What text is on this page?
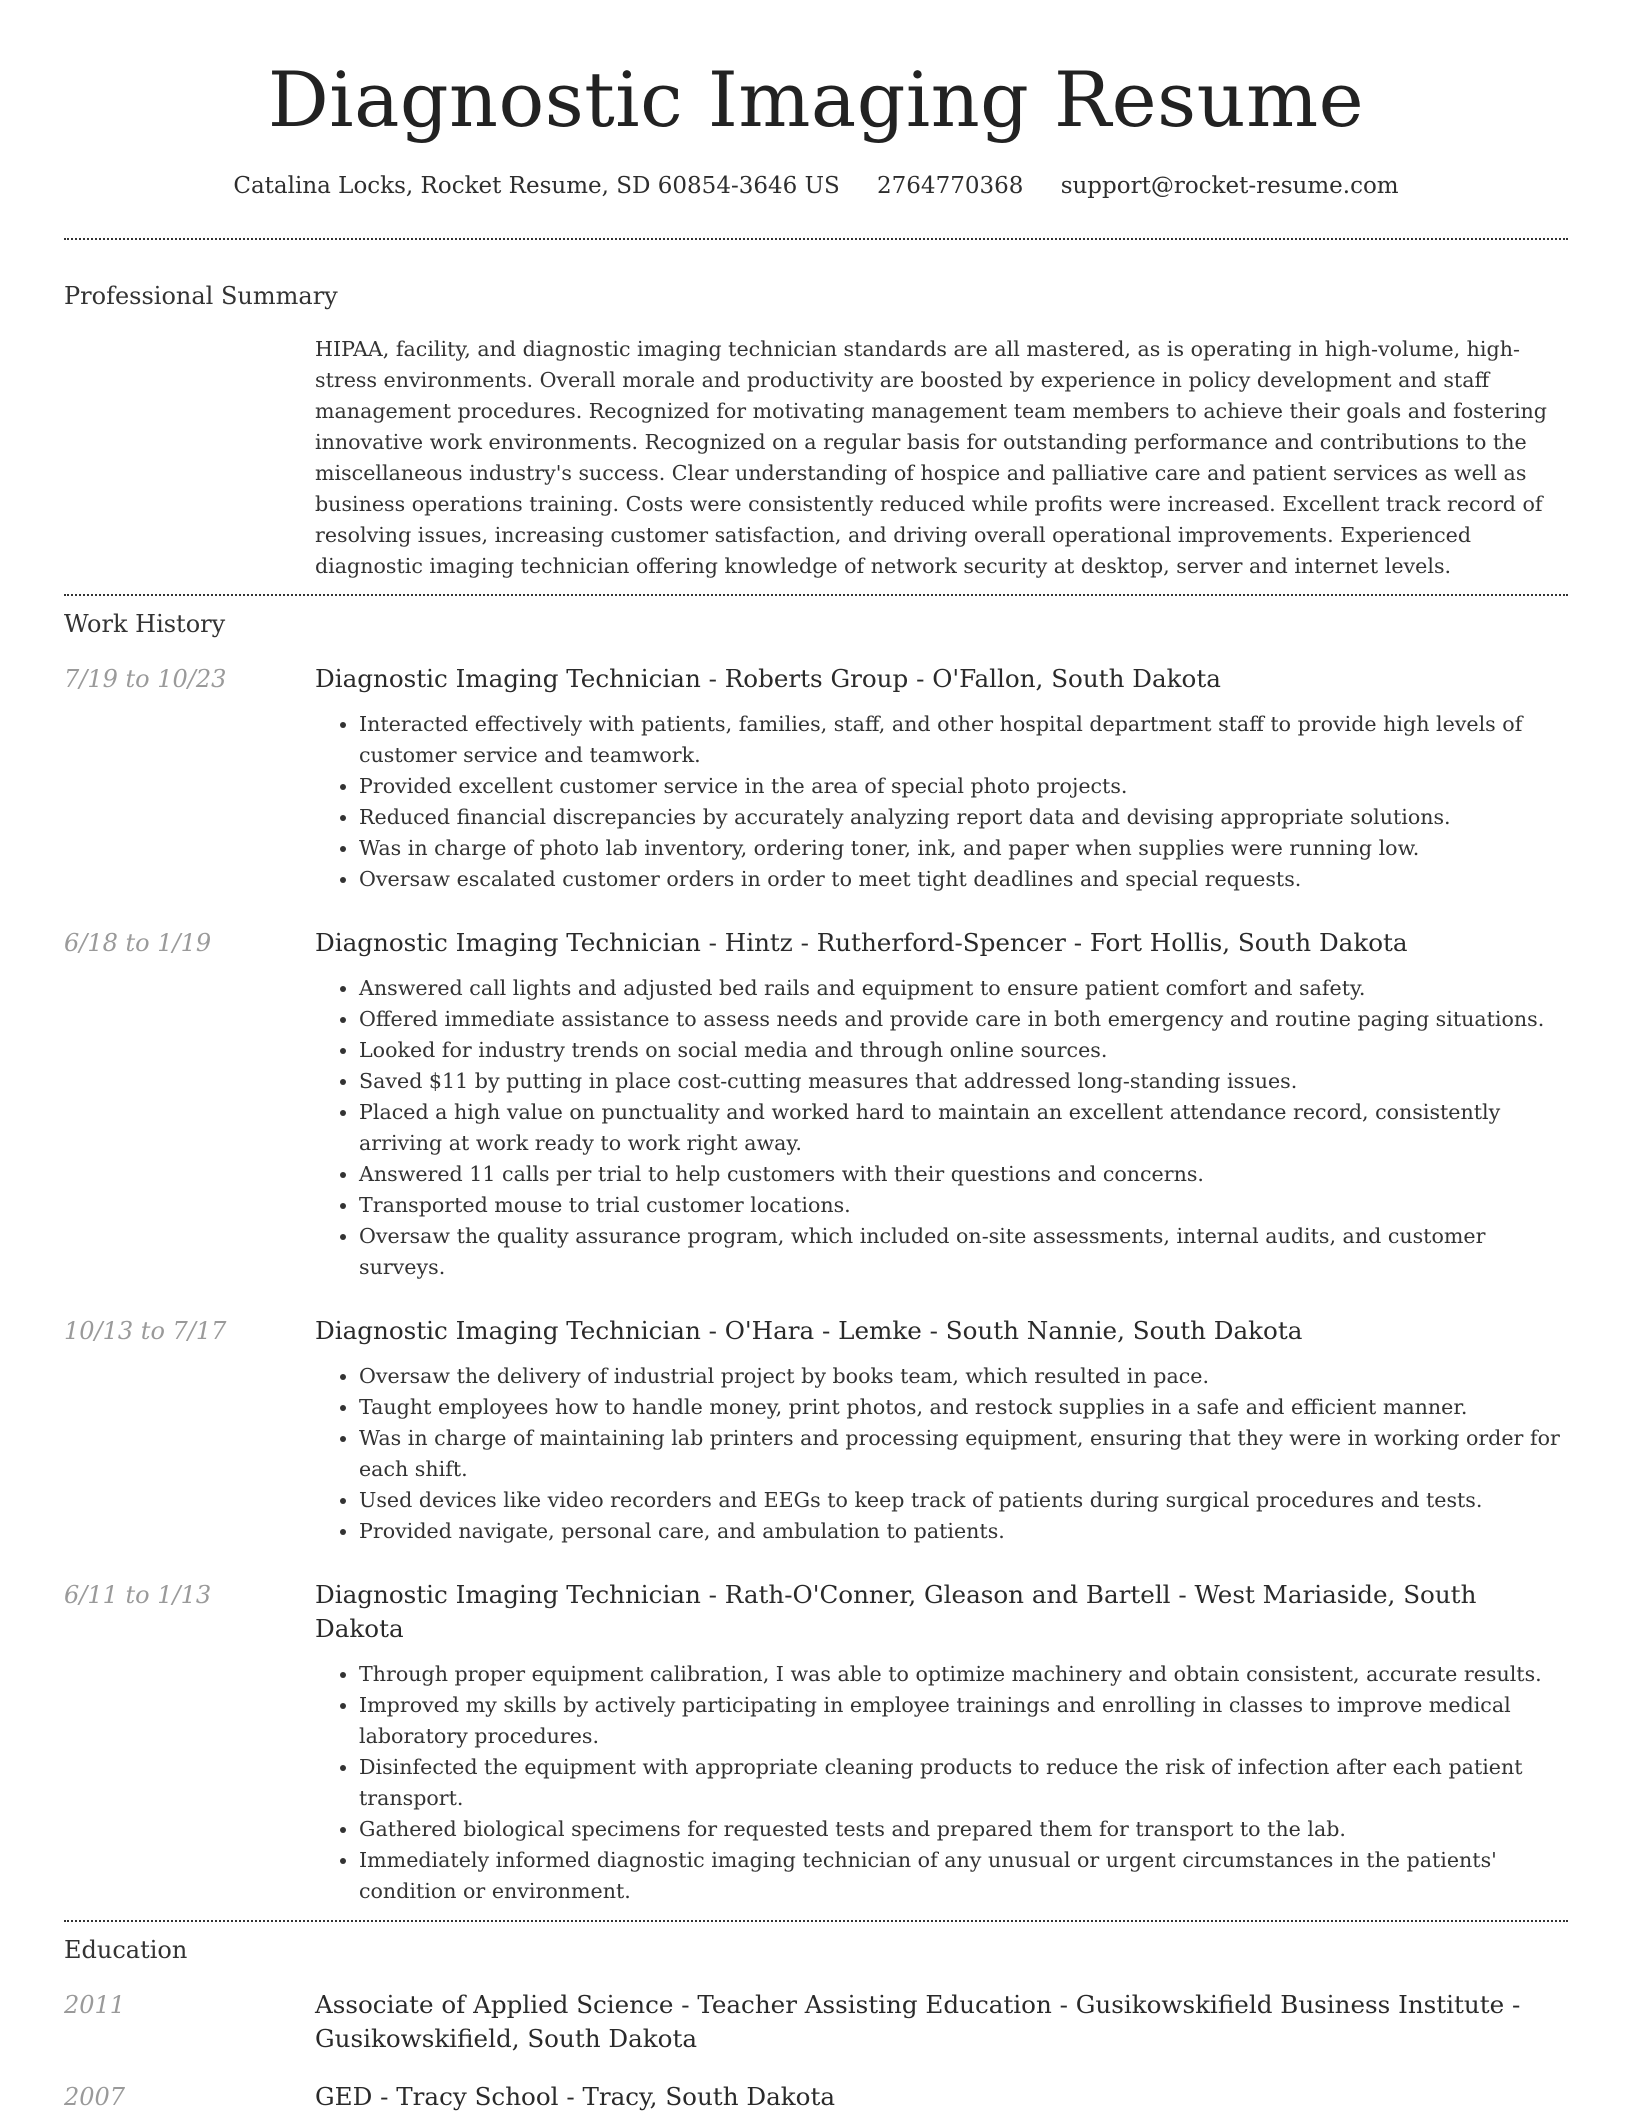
Diagnostic Imaging Resume
Catalina Locks, Rocket Resume, SD 60854-3646 US 2764770368 support@rocket-resume.com
Professional Summary
HIPAA, facility, and diagnostic imaging technician standards are all mastered, as is operating in high-volume, high-stress environments. Overall morale and productivity are boosted by experience in policy development and staff management procedures. Recognized for motivating management team members to achieve their goals and fostering innovative work environments. Recognized on a regular basis for outstanding performance and contributions to the miscellaneous industry's success. Clear understanding of hospice and palliative care and patient services as well as business operations training. Costs were consistently reduced while profits were increased. Excellent track record of resolving issues, increasing customer satisfaction, and driving overall operational improvements. Experienced diagnostic imaging technician offering knowledge of network security at desktop, server and internet levels.
Work History
7/19 to 10/23	Diagnostic Imaging Technician - Roberts Group - O'Fallon, South Dakota
• Interacted effectively with patients, families, staff, and other hospital department staff to provide high levels of customer service and teamwork.
• Provided excellent customer service in the area of special photo projects.
• Reduced financial discrepancies by accurately analyzing report data and devising appropriate solutions.
• Was in charge of photo lab inventory, ordering toner, ink, and paper when supplies were running low.
• Oversaw escalated customer orders in order to meet tight deadlines and special requests.
6/18 to 1/19	Diagnostic Imaging Technician - Hintz - Rutherford-Spencer - Fort Hollis, South Dakota
• Answered call lights and adjusted bed rails and equipment to ensure patient comfort and safety.
• Offered immediate assistance to assess needs and provide care in both emergency and routine paging situations.
• Looked for industry trends on social media and through online sources.
• Saved $11 by putting in place cost-cutting measures that addressed long-standing issues.
• Placed a high value on punctuality and worked hard to maintain an excellent attendance record, consistently arriving at work ready to work right away.
• Answered 11 calls per trial to help customers with their questions and concerns.
• Transported mouse to trial customer locations.
• Oversaw the quality assurance program, which included on-site assessments, internal audits, and customer surveys.
10/13 to 7/17	Diagnostic Imaging Technician - O'Hara - Lemke - South Nannie, South Dakota
• Oversaw the delivery of industrial project by books team, which resulted in pace.
• Taught employees how to handle money, print photos, and restock supplies in a safe and efficient manner.
• Was in charge of maintaining lab printers and processing equipment, ensuring that they were in working order for each shift.
• Used devices like video recorders and EEGs to keep track of patients during surgical procedures and tests.
• Provided navigate, personal care, and ambulation to patients.
6/11 to 1/13	Diagnostic Imaging Technician - Rath-O'Conner, Gleason and Bartell - West Mariaside, South Dakota
• Through proper equipment calibration, I was able to optimize machinery and obtain consistent, accurate results.
• Improved my skills by actively participating in employee trainings and enrolling in classes to improve medical laboratory procedures.
• Disinfected the equipment with appropriate cleaning products to reduce the risk of infection after each patient transport.
• Gathered biological specimens for requested tests and prepared them for transport to the lab.
• Immediately informed diagnostic imaging technician of any unusual or urgent circumstances in the patients' condition or environment.
Education
2011	Associate of Applied Science - Teacher Assisting Education - Gusikowskifield Business Institute - Gusikowskifield, South Dakota
2007	GED - Tracy School - Tracy, South Dakota
